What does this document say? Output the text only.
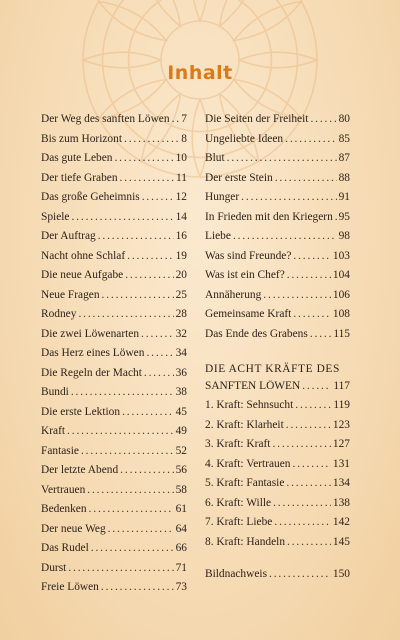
Inhalt
Der Weg des sanften Löwen . . . 7
Bis zum Horizont . . .	8
Das gute Leben . . .	10
Der tiefe Graben . . .	11
Das große Geheimnis . . .	12
Spiele . . .	14
Der Auftrag . . .	16
Nacht ohne Schlaf . . .	19
Die neue Aufgabe . . .	20
Neue Fragen . . .	25
Rodney . . .	28
Die zwei Löwenarten . . .	32
Das Herz eines Löwen . . .	34
Die Regeln der Macht . . .	36
Bundi . . .	38
Die erste Lektion . . .	45
Kraft . . .	49
Fantasie . . .	52
Der letzte Abend . . .	56
Vertrauen . . .	58
Bedenken . . .	61
Der neue Weg . . .	64
Das Rudel . . .	66
Durst . . .	71
Freie Löwen . . .	73
Die Seiten der Freiheit . . .	80
Ungeliebte Ideen . . .	85
Blut . . .	87
Der erste Stein . . .	88
Hunger . . .	91
In Frieden mit den Kriegern . . . 95
Liebe . . .	98
Was sind Freunde? . . .	103
Was ist ein Chef? . . .	104
Annäherung . . .	106
Gemeinsame Kraft . . .	108
Das Ende des Grabens . . . 115
DIE ACHT KRÄFTE DES
SANFTEN LÖWEN . . .	117
1. Kraft: Sehnsucht . . .	119
2. Kraft: Klarheit . . .	123
3. Kraft: Kraft . . .	127
4. Kraft: Vertrauen . . .	131
5. Kraft: Fantasie . . .	134
6. Kraft: Wille . . .	138
7. Kraft: Liebe . . .	142
8. Kraft: Handeln . . .	145
Bildnachweis . . .	150
